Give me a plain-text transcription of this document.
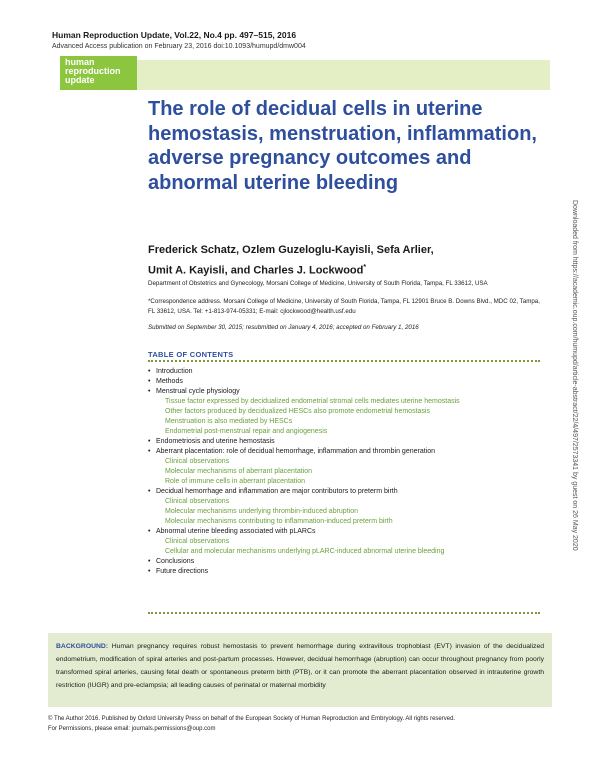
Human Reproduction Update, Vol.22, No.4 pp. 497–515, 2016
Advanced Access publication on February 23, 2016 doi:10.1093/humupd/dmw004
human
reproduction
update
The role of decidual cells in uterine hemostasis, menstruation, inflammation, adverse pregnancy outcomes and abnormal uterine bleeding
Frederick Schatz, Ozlem Guzeloglu-Kayisli, Sefa Arlier,
Umit A. Kayisli, and Charles J. Lockwood*
Department of Obstetrics and Gynecology, Morsani College of Medicine, University of South Florida, Tampa, FL 33612, USA
*Correspondence address. Morsani College of Medicine, University of South Florida, Tampa, FL 12901 Bruce B. Downs Blvd., MDC 02, Tampa, FL 33612, USA. Tel: +1-813-974-05331; E-mail: cjlockwood@health.usf.edu
Submitted on September 30, 2015; resubmitted on January 4, 2016; accepted on February 1, 2016
TABLE OF CONTENTS
• Introduction
• Methods
• Menstrual cycle physiology
Tissue factor expressed by decidualized endometrial stromal cells mediates uterine hemostasis
Other factors produced by decidualized HESCs also promote endometrial hemostasis
Menstruation is also mediated by HESCs
Endometrial post-menstrual repair and angiogenesis
• Endometriosis and uterine hemostasis
• Aberrant placentation: role of decidual hemorrhage, inflammation and thrombin generation
Clinical observations
Molecular mechanisms of aberrant placentation
Role of immune cells in aberrant placentation
• Decidual hemorrhage and inflammation are major contributors to preterm birth
Clinical observations
Molecular mechanisms underlying thrombin-induced abruption
Molecular mechanisms contributing to inflammation-induced preterm birth
• Abnormal uterine bleeding associated with pLARCs
Clinical observations
Cellular and molecular mechanisms underlying pLARC-induced abnormal uterine bleeding
• Conclusions
• Future directions
Downloaded from https://academic.oup.com/humupd/article-abstract/22/4/497/2573341 by guest on 26 May 2020

BACKGROUND: Human pregnancy requires robust hemostasis to prevent hemorrhage during extravillous trophoblast (EVT) invasion of the decidualized endometrium, modification of spiral arteries and post-partum processes. However, decidual hemorrhage (abruption) can occur throughout pregnancy from poorly transformed spiral arteries, causing fetal death or spontaneous preterm birth (PTB), or it can promote the aberrant placentation observed in intrauterine growth restriction (IUGR) and pre-eclampsia; all leading causes of perinatal or maternal morbidity

© The Author 2016. Published by Oxford University Press on behalf of the European Society of Human Reproduction and Embryology. All rights reserved.
For Permissions, please email: journals.permissions@oup.com
